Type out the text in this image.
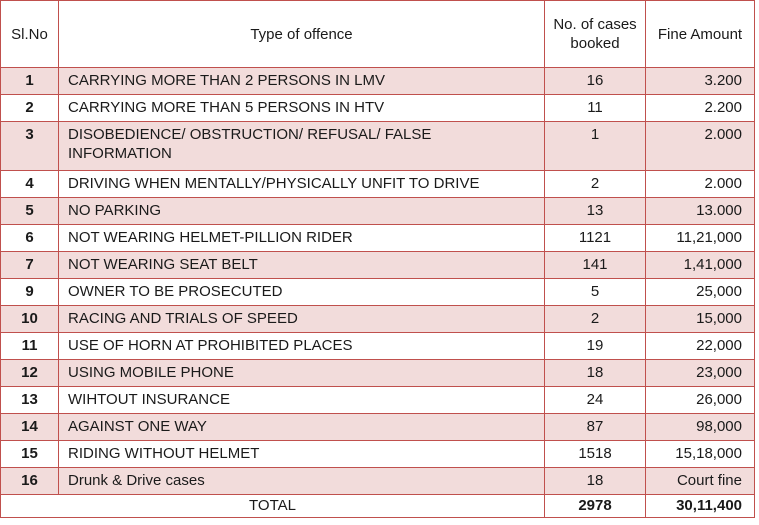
Sl.No	Type of offence	No. of cases booked	Fine Amount
1	CARRYING MORE THAN 2 PERSONS IN LMV	16	3.200
2	CARRYING MORE THAN 5 PERSONS IN HTV	11	2.200
3	DISOBEDIENCE/ OBSTRUCTION/ REFUSAL/ FALSE INFORMATION	1	2.000
4	DRIVING WHEN MENTALLY/PHYSICALLY UNFIT TO DRIVE	2	2.000
5	NO PARKING	13	13.000
6	NOT WEARING HELMET-PILLION RIDER	1121	11,21,000
7	NOT WEARING SEAT BELT	141	1,41,000
9	OWNER TO BE PROSECUTED	5	25,000
10	RACING AND TRIALS OF SPEED	2	15,000
11	USE OF HORN AT PROHIBITED PLACES	19	22,000
12	USING MOBILE PHONE	18	23,000
13	WIHTOUT INSURANCE	24	26,000
14	AGAINST ONE WAY	87	98,000
15	RIDING WITHOUT HELMET	1518	15,18,000
16	Drunk & Drive cases	18	Court fine
TOTAL		2978	30,11,400
